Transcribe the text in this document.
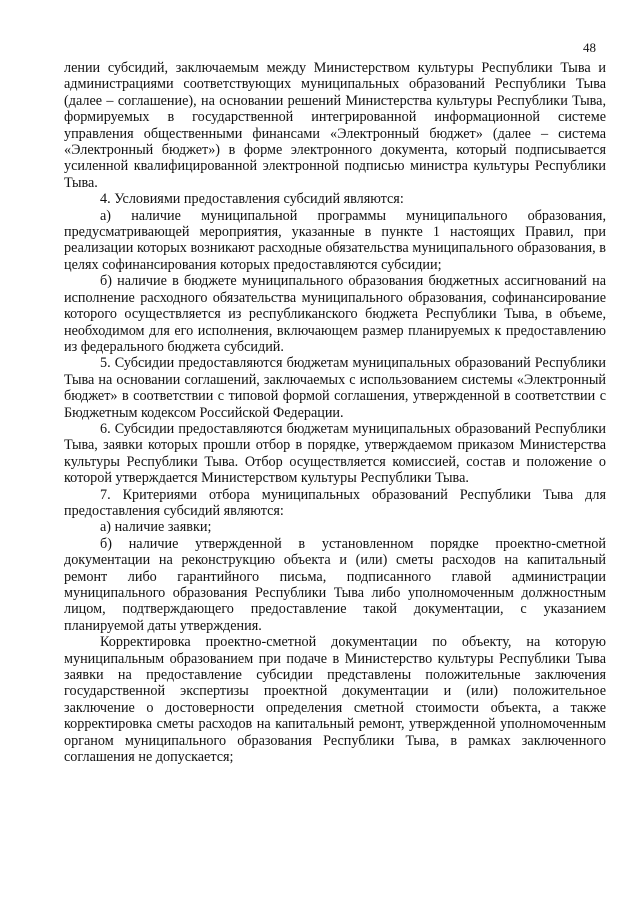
48

лении субсидий, заключаемым между Министерством культуры Республики Тыва и администрациями соответствующих муниципальных образований Республики Тыва (далее – соглашение), на основании решений Министерства культуры Республики Тыва, формируемых в государственной интегрированной информационной системе управления общественными финансами «Электронный бюджет» (далее – система «Электронный бюджет») в форме электронного документа, который подписывается усиленной квалифицированной электронной подписью министра культуры Республики Тыва.

4. Условиями предоставления субсидий являются:

а) наличие муниципальной программы муниципального образования, предусматривающей мероприятия, указанные в пункте 1 настоящих Правил, при реализации которых возникают расходные обязательства муниципального образования, в целях софинансирования которых предоставляются субсидии;

б) наличие в бюджете муниципального образования бюджетных ассигнований на исполнение расходного обязательства муниципального образования, софинансирование которого осуществляется из республиканского бюджета Республики Тыва, в объеме, необходимом для его исполнения, включающем размер планируемых к предоставлению из федерального бюджета субсидий.

5. Субсидии предоставляются бюджетам муниципальных образований Республики Тыва на основании соглашений, заключаемых с использованием системы «Электронный бюджет» в соответствии с типовой формой соглашения, утвержденной в соответствии с Бюджетным кодексом Российской Федерации.

6. Субсидии предоставляются бюджетам муниципальных образований Республики Тыва, заявки которых прошли отбор в порядке, утверждаемом приказом Министерства культуры Республики Тыва. Отбор осуществляется комиссией, состав и положение о которой утверждается Министерством культуры Республики Тыва.

7. Критериями отбора муниципальных образований Республики Тыва для предоставления субсидий являются:

а) наличие заявки;

б) наличие утвержденной в установленном порядке проектно-сметной документации на реконструкцию объекта и (или) сметы расходов на капитальный ремонт либо гарантийного письма, подписанного главой администрации муниципального образования Республики Тыва либо уполномоченным должностным лицом, подтверждающего предоставление такой документации, с указанием планируемой даты утверждения.

Корректировка проектно-сметной документации по объекту, на которую муниципальным образованием при подаче в Министерство культуры Республики Тыва заявки на предоставление субсидии представлены положительные заключения государственной экспертизы проектной документации и (или) положительное заключение о достоверности определения сметной стоимости объекта, а также корректировка сметы расходов на капитальный ремонт, утвержденной уполномоченным органом муниципального образования Республики Тыва, в рамках заключенного соглашения не допускается;
